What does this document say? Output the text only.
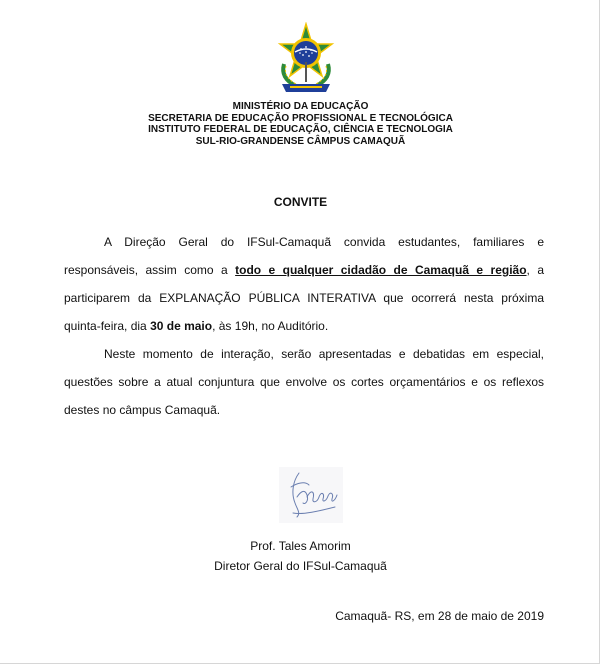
MINISTÉRIO DA EDUCAÇÃO
SECRETARIA DE EDUCAÇÃO PROFISSIONAL E TECNOLÓGICA
INSTITUTO FEDERAL DE EDUCAÇÃO, CIÊNCIA E TECNOLOGIA
SUL-RIO-GRANDENSE CÂMPUS CAMAQUÃ
CONVITE
A Direção Geral do IFSul-Camaquã convida estudantes, familiares e responsáveis, assim como a todo e qualquer cidadão de Camaquã e região, a participarem da EXPLANAÇÃO PÚBLICA INTERATIVA que ocorrerá nesta próxima quinta-feira, dia 30 de maio, às 19h, no Auditório.
Neste momento de interação, serão apresentadas e debatidas em especial, questões sobre a atual conjuntura que envolve os cortes orçamentários e os reflexos destes no câmpus Camaquã.
Prof. Tales Amorim
Diretor Geral do IFSul-Camaquã
Camaquã- RS, em 28 de maio de 2019
